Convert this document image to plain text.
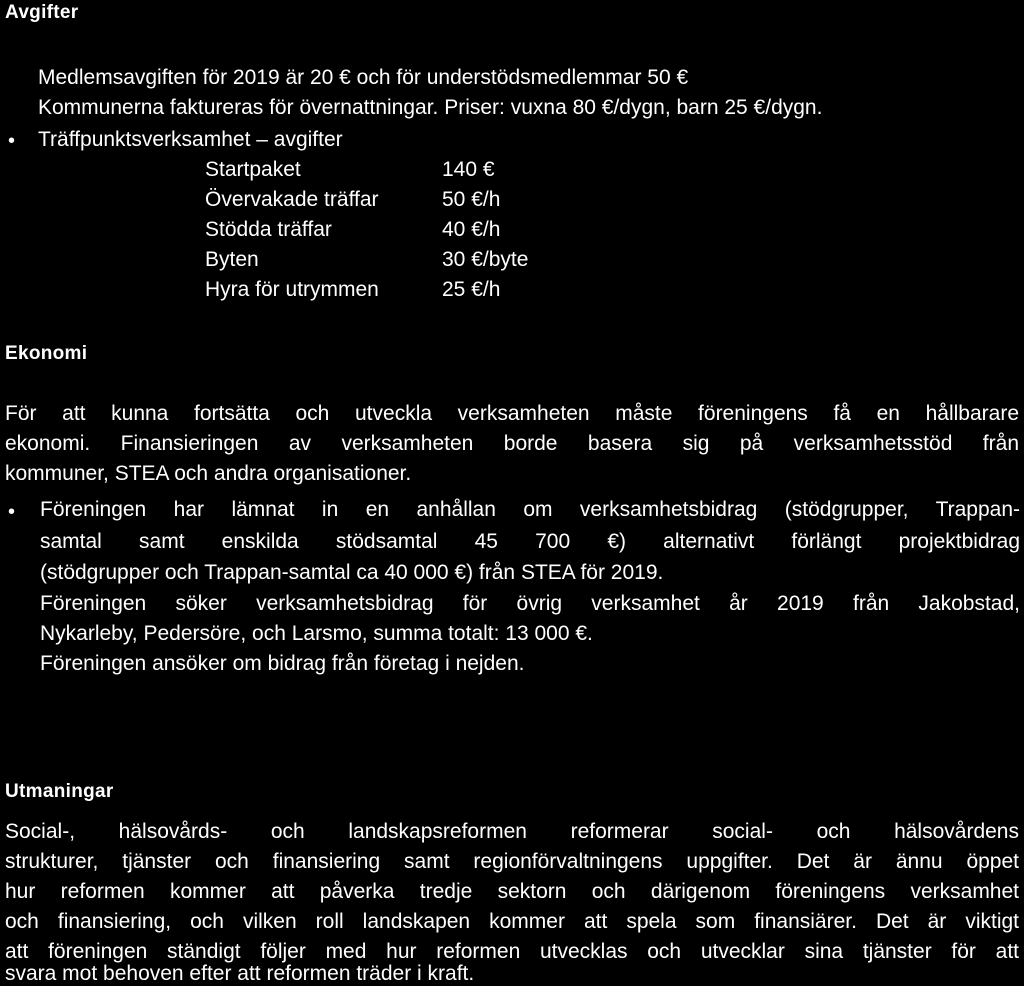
Avgifter
Medlemsavgiften för 2019 är 20 € och för understödsmedlemmar 50 €
Kommunerna faktureras för övernattningar. Priser: vuxna 80 €/dygn, barn 25 €/dygn.
• Träffpunktsverksamhet – avgifter
Startpaket	140 €
Övervakade träffar	50 €/h
Stödda träffar	40 €/h
Byten	30 €/byte
Hyra för utrymmen	25 €/h
Ekonomi
För att kunna fortsätta och utveckla verksamheten måste föreningens få en hållbarare
ekonomi. Finansieringen av verksamheten borde basera sig på verksamhetsstöd från
kommuner, STEA och andra organisationer.
• Föreningen har lämnat in en anhållan om verksamhetsbidrag (stödgrupper, Trappan-
samtal samt enskilda stödsamtal 45 700 €) alternativt förlängt projektbidrag
(stödgrupper och Trappan-samtal ca 40 000 €) från STEA för 2019.
Föreningen söker verksamhetsbidrag för övrig verksamhet år 2019 från Jakobstad,
Nykarleby, Pedersöre, och Larsmo, summa totalt: 13 000 €.
Föreningen ansöker om bidrag från företag i nejden.
Utmaningar
Social-, hälsovårds- och landskapsreformen reformerar social- och hälsovårdens
strukturer, tjänster och finansiering samt regionförvaltningens uppgifter. Det är ännu öppet
hur reformen kommer att påverka tredje sektorn och därigenom föreningens verksamhet
och finansiering, och vilken roll landskapen kommer att spela som finansiärer. Det är viktigt
att föreningen ständigt följer med hur reformen utvecklas och utvecklar sina tjänster för att
svara mot behoven efter att reformen träder i kraft.
